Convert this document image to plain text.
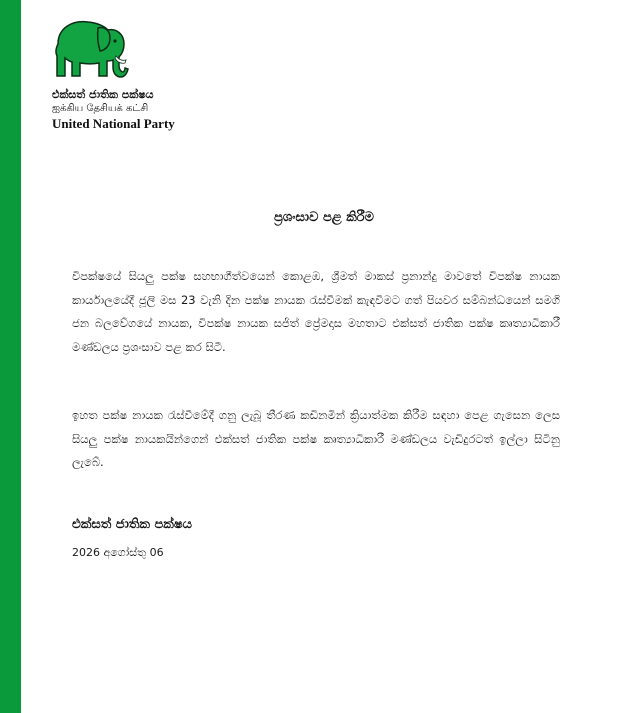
එක්සත් ජාතික පක්ෂය
ஐக்கிய தேசியக் கட்சி
United National Party
ප්‍රශංසාව පළ කිරීම
විපක්ෂයේ සියලු පක්ෂ සහභාගීත්වයෙන් කොළඹ, ශ්‍රීමත් මාකස් ප්‍රනාන්දු මාවතේ විපක්ෂ නායක කාර්යාලයේදී ජූලි මස 23 වැනි දින පක්ෂ නායක රැස්වීමක් කැඳවීමට ගත් පියවර සම්බන්ධයෙන් සමගි ජන බලවේගයේ නායක, විපක්ෂ නායක සජිත් ප්‍රේමදාස මහතාට එක්සත් ජාතික පක්ෂ කෘත්‍යාධිකාරී මණ්ඩලය ප්‍රශංසාව පළ කර සිටී.
ඉහත පක්ෂ නායක රැස්වීමේදී ගනු ලැබූ තීරණ කඩිනමින් ක්‍රියාත්මක කිරීම සඳහා පෙළ ගැසෙන ලෙස සියලු පක්ෂ නායකයින්ගෙන් එක්සත් ජාතික පක්ෂ කෘත්‍යාධිකාරී මණ්ඩලය වැඩිදුරටත් ඉල්ලා සිටිනු ලැබේ.
එක්සත් ජාතික පක්ෂය
2026 අගෝස්තු 06
